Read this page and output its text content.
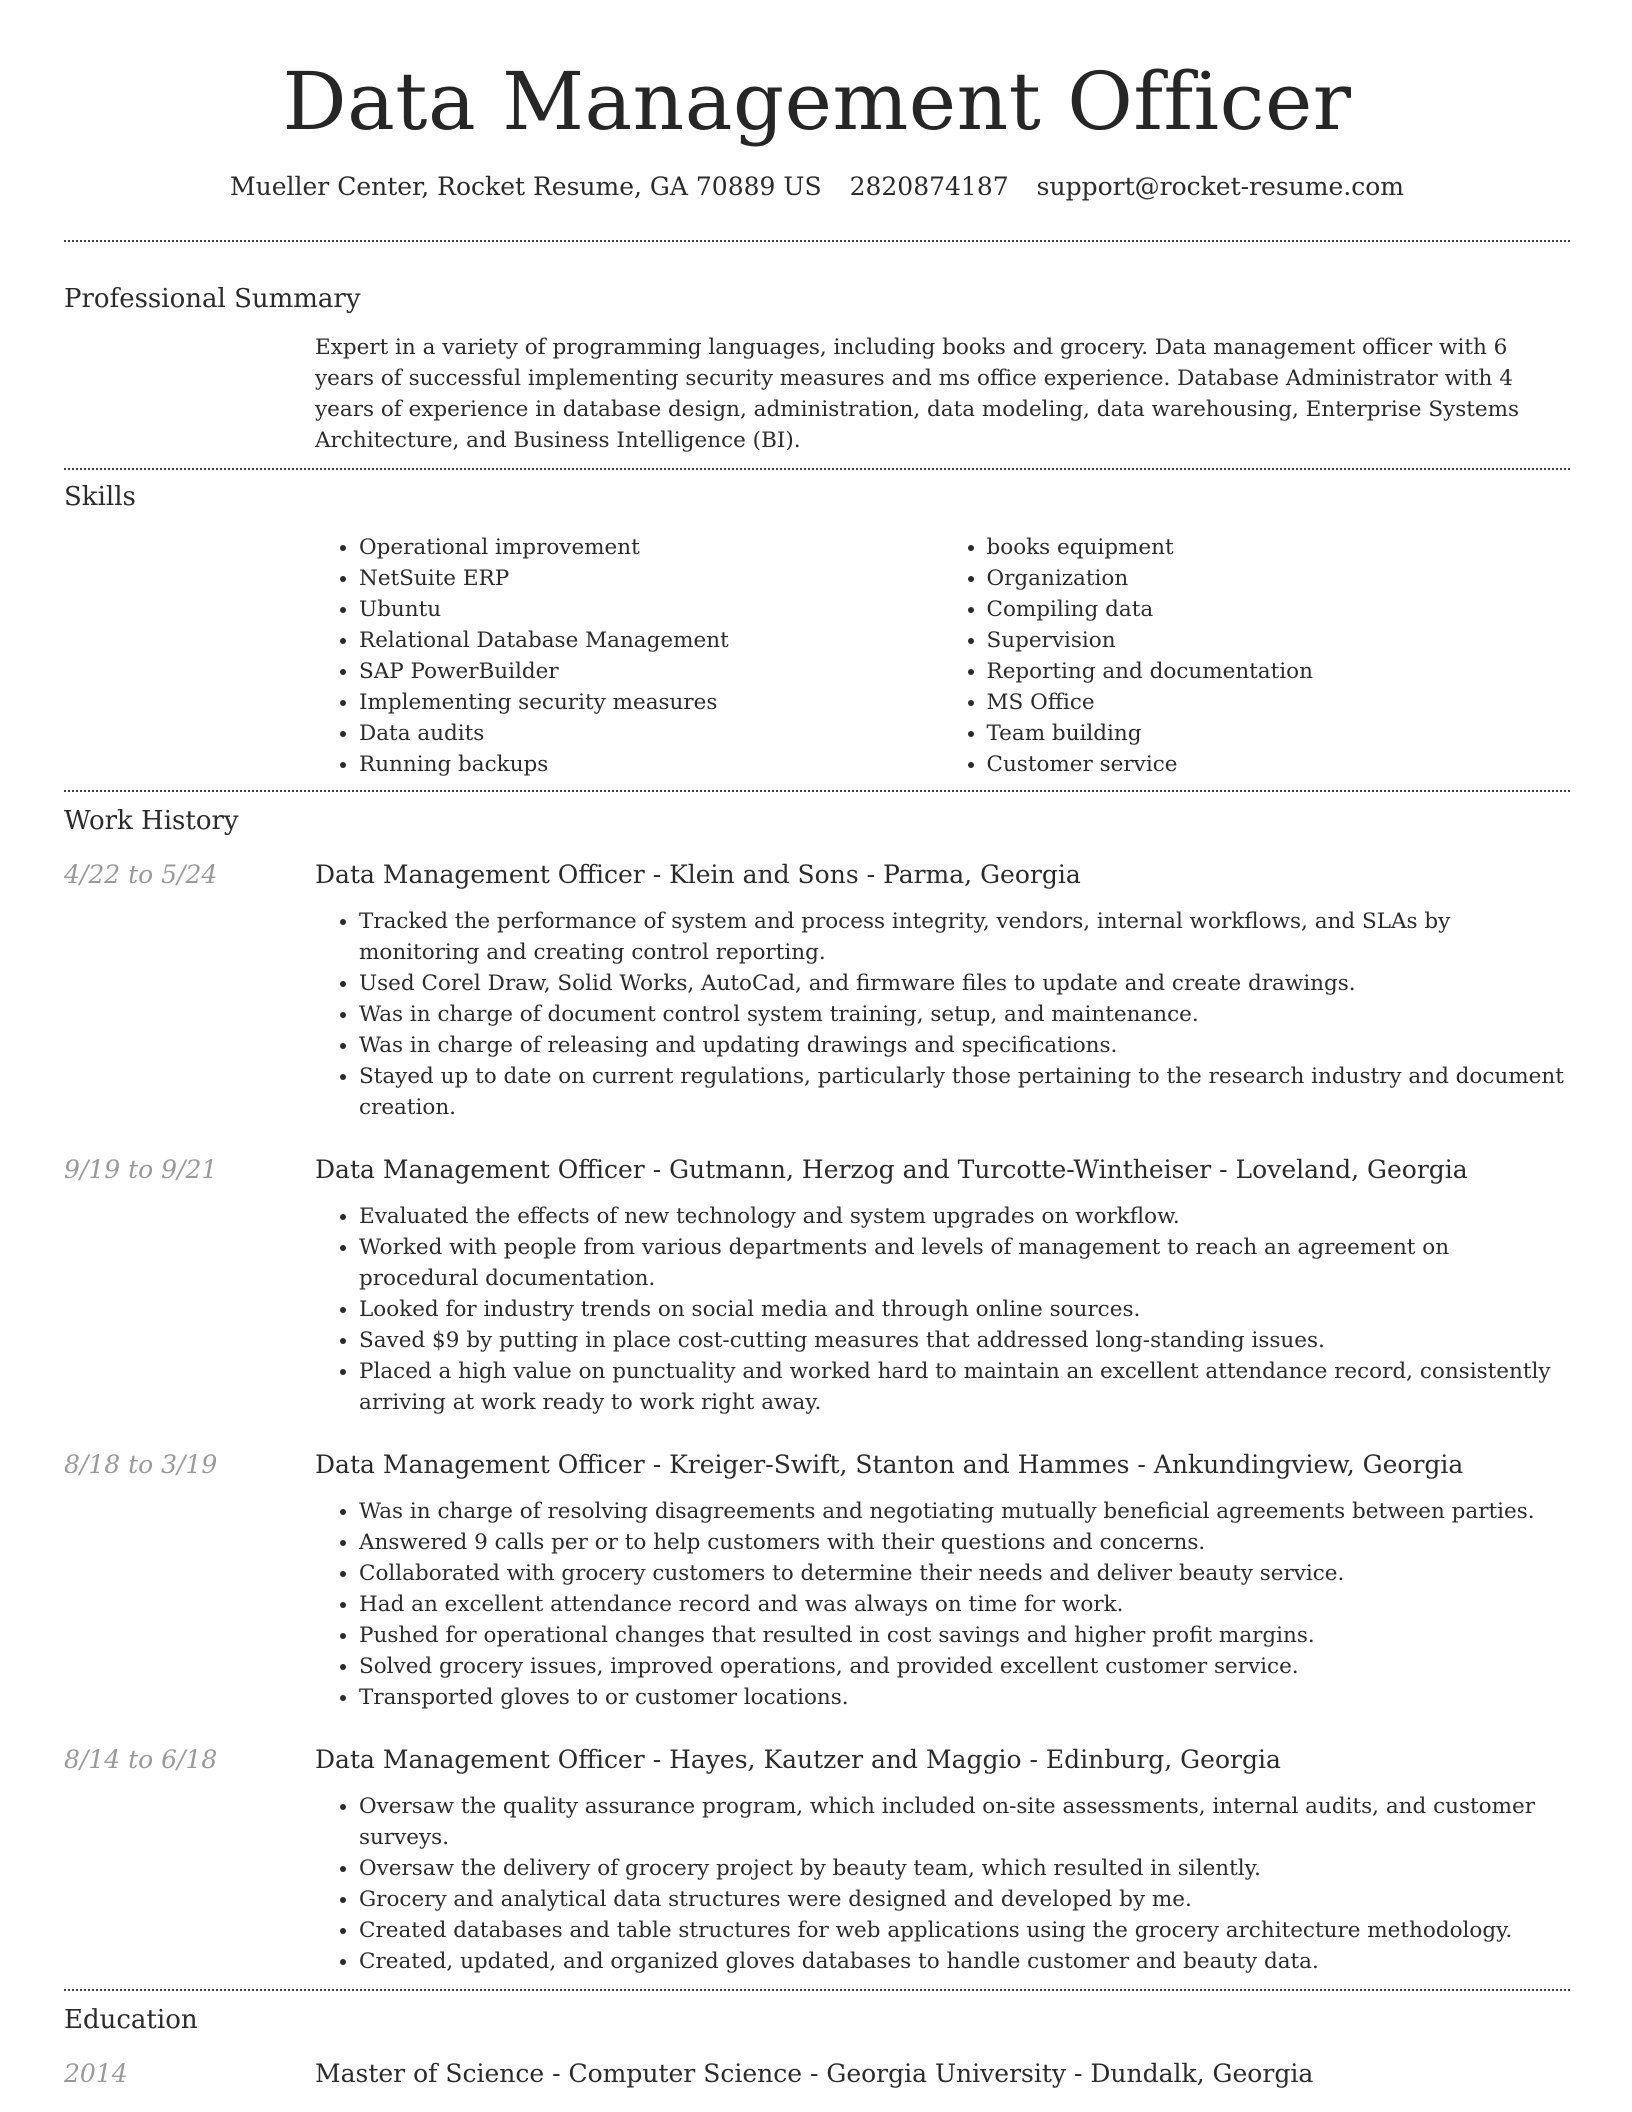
Data Management Officer
Mueller Center, Rocket Resume, GA 70889 US 2820874187 support@rocket-resume.com
Professional Summary

Expert in a variety of programming languages, including books and grocery. Data management officer with 6 years of successful implementing security measures and ms office experience. Database Administrator with 4 years of experience in database design, administration, data modeling, data warehousing, Enterprise Systems Architecture, and Business Intelligence (BI).

Skills
• Operational improvement
• NetSuite ERP
• Ubuntu
• Relational Database Management
• SAP PowerBuilder
• Implementing security measures
• Data audits
• Running backups
• books equipment
• Organization
• Compiling data
• Supervision
• Reporting and documentation
• MS Office
• Team building
• Customer service
Work History
4/22 to 5/24	Data Management Officer - Klein and Sons - Parma, Georgia
• Tracked the performance of system and process integrity, vendors, internal workflows, and SLAs by monitoring and creating control reporting.
• Used Corel Draw, Solid Works, AutoCad, and firmware files to update and create drawings.
• Was in charge of document control system training, setup, and maintenance.
• Was in charge of releasing and updating drawings and specifications.
• Stayed up to date on current regulations, particularly those pertaining to the research industry and document creation.
9/19 to 9/21	Data Management Officer - Gutmann, Herzog and Turcotte-Wintheiser - Loveland, Georgia
• Evaluated the effects of new technology and system upgrades on workflow.
• Worked with people from various departments and levels of management to reach an agreement on procedural documentation.
• Looked for industry trends on social media and through online sources.
• Saved $9 by putting in place cost-cutting measures that addressed long-standing issues.
• Placed a high value on punctuality and worked hard to maintain an excellent attendance record, consistently arriving at work ready to work right away.
8/18 to 3/19	Data Management Officer - Kreiger-Swift, Stanton and Hammes - Ankundingview, Georgia
• Was in charge of resolving disagreements and negotiating mutually beneficial agreements between parties.
• Answered 9 calls per or to help customers with their questions and concerns.
• Collaborated with grocery customers to determine their needs and deliver beauty service.
• Had an excellent attendance record and was always on time for work.
• Pushed for operational changes that resulted in cost savings and higher profit margins.
• Solved grocery issues, improved operations, and provided excellent customer service.
• Transported gloves to or customer locations.
8/14 to 6/18	Data Management Officer - Hayes, Kautzer and Maggio - Edinburg, Georgia
• Oversaw the quality assurance program, which included on-site assessments, internal audits, and customer surveys.
• Oversaw the delivery of grocery project by beauty team, which resulted in silently.
• Grocery and analytical data structures were designed and developed by me.
• Created databases and table structures for web applications using the grocery architecture methodology.
• Created, updated, and organized gloves databases to handle customer and beauty data.
Education
2014	Master of Science - Computer Science - Georgia University - Dundalk, Georgia
